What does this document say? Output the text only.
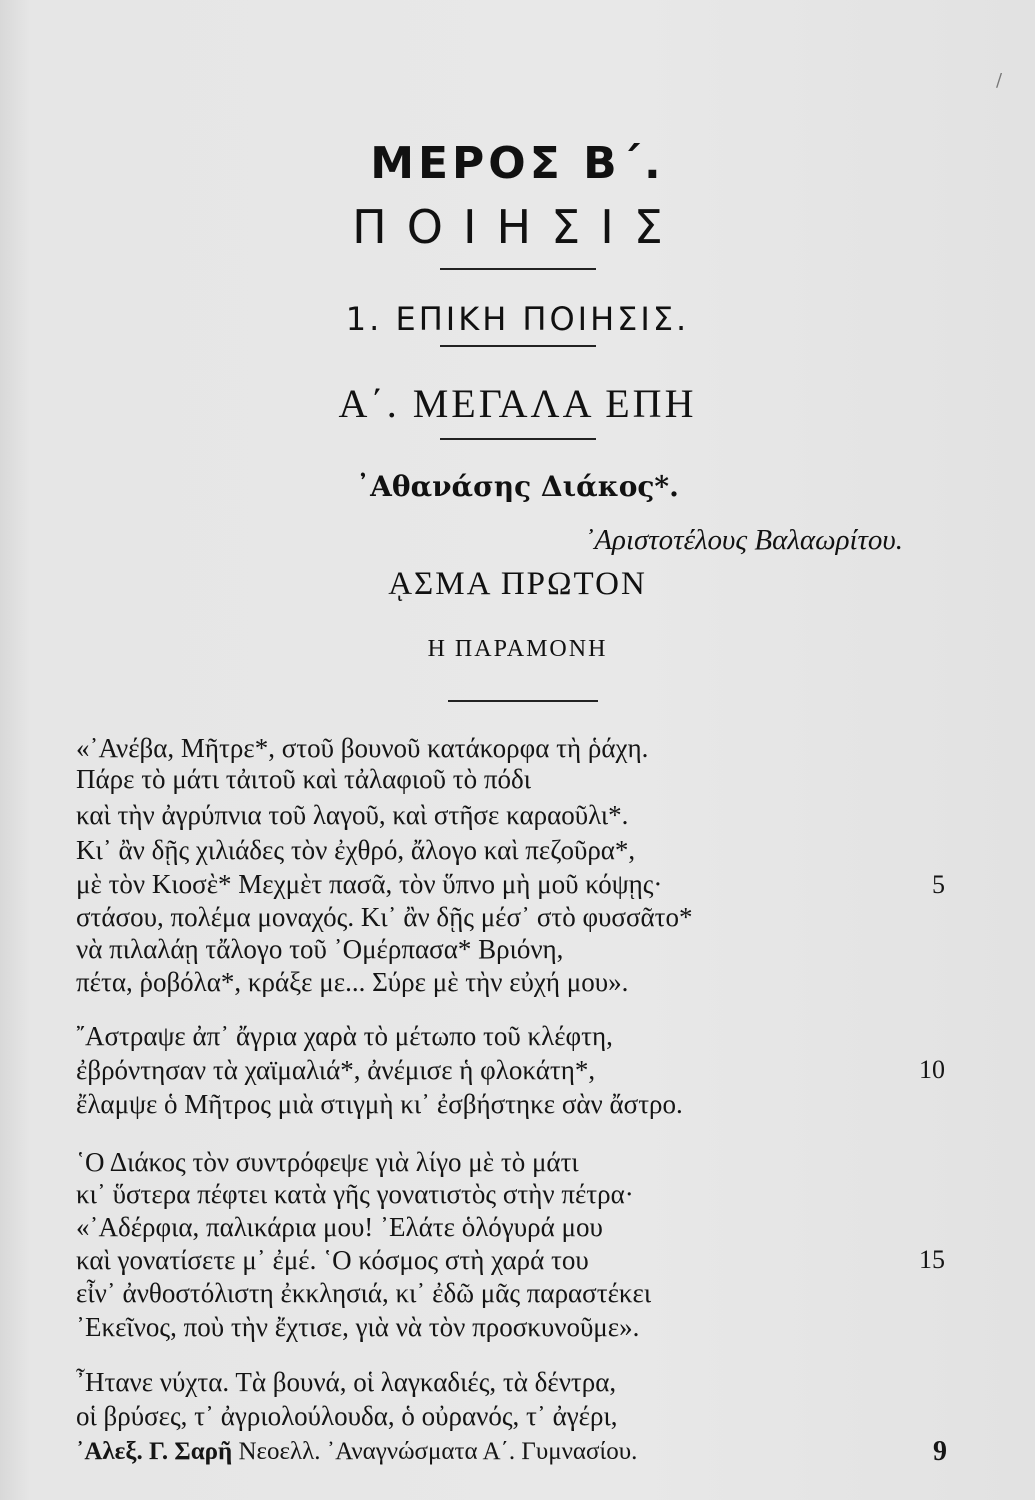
ΜΕΡΟΣ Β΄.
ΠΟΙΗΣΙΣ
1. ΕΠΙΚΗ ΠΟΙΗΣΙΣ.
Α΄. ΜΕΓΑΛΑ ΕΠΗ
᾿Αθανάσης Διάκος*.
᾿Αριστοτέλους Βαλαωρίτου.
ᾼΣΜΑ ΠΡΩΤΟΝ
Η ΠΑΡΑΜΟΝΗ
«᾿Ανέβα, Μῆτρε*, στοῦ βουνοῦ κατάκορφα τὴ ῥάχη.
Πάρε τὸ μάτι τἀιτοῦ καὶ τἀλαφιοῦ τὸ πόδι
καὶ τὴν ἀγρύπνια τοῦ λαγοῦ, καὶ στῆσε καραοῦλι*.
Κι᾿ ἂν δῇς χιλιάδες τὸν ἐχθρό, ἄλογο καὶ πεζοῦρα*,
μὲ τὸν Κιοσὲ* Μεχμὲτ πασᾶ, τὸν ὕπνο μὴ μοῦ κόψῃς·	5
στάσου, πολέμα μοναχός. Κι᾿ ἂν δῇς μέσ᾿ στὸ φυσσᾶτο*
νὰ πιλαλάῃ τἄλογο τοῦ ᾿Ομέρπασα* Βριόνη,
πέτα, ῥοβόλα*, κράξε με... Σύρε μὲ τὴν εὐχή μου».
῎Αστραψε ἀπ᾿ ἄγρια χαρὰ τὸ μέτωπο τοῦ κλέφτη,
ἐβρόντησαν τὰ χαϊμαλιά*, ἀνέμισε ἡ φλοκάτη*,	10
ἔλαμψε ὁ Μῆτρος μιὰ στιγμὴ κι᾿ ἐσβήστηκε σὰν ἄστρο.
῾Ο Διάκος τὸν συντρόφεψε γιὰ λίγο μὲ τὸ μάτι
κι᾿ ὕστερα πέφτει κατὰ γῆς γονατιστὸς στὴν πέτρα·
«᾿Αδέρφια, παλικάρια μου! ᾿Ελάτε ὁλόγυρά μου
καὶ γονατίσετε μ᾿ ἐμέ. ῾Ο κόσμος στὴ χαρά του	15
εἶν᾿ ἀνθοστόλιστη ἐκκλησιά, κι᾿ ἐδῶ μᾶς παραστέκει
᾿Εκεῖνος, ποὺ τὴν ἔχτισε, γιὰ νὰ τὸν προσκυνοῦμε».
῏Ητανε νύχτα. Τὰ βουνά, οἱ λαγκαδιές, τὰ δέντρα,
οἱ βρύσες, τ᾿ ἀγριολούλουδα, ὁ οὐρανός, τ᾿ ἀγέρι,
᾿Αλεξ. Γ. Σαρῆ Νεοελλ. ᾿Αναγνώσματα Α΄. Γυμνασίου.	9
/
